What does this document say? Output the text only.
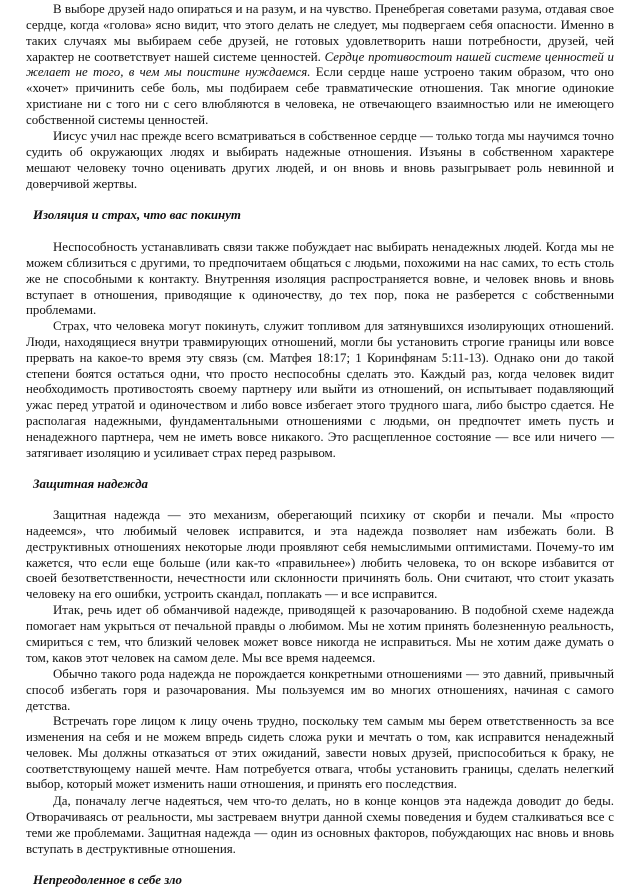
В выборе друзей надо опираться и на разум, и на чувство. Пренебрегая советами разума, отдавая свое сердце, когда «голова» ясно видит, что этого делать не следует, мы подвергаем себя опасности. Именно в таких случаях мы выбираем себе друзей, не готовых удовлетворить наши потребности, друзей, чей характер не соответствует нашей системе ценностей. Сердце противостоит нашей системе ценностей и желает не того, в чем мы поистине нуждаемся. Если сердце наше устроено таким образом, что оно «хочет» причинить себе боль, мы подбираем себе травматические отношения. Так многие одинокие христиане ни с того ни с сего влюбляются в человека, не отвечающего взаимностью или не имеющего собственной системы ценностей.

Иисус учил нас прежде всего всматриваться в собственное сердце — только тогда мы научимся точно судить об окружающих людях и выбирать надежные отношения. Изъяны в собственном характере мешают человеку точно оценивать других людей, и он вновь и вновь разыгрывает роль невинной и доверчивой жертвы.

Изоляция и страх, что вас покинут

Неспособность устанавливать связи также побуждает нас выбирать ненадежных людей. Когда мы не можем сблизиться с другими, то предпочитаем общаться с людьми, похожими на нас самих, то есть столь же не способными к контакту. Внутренняя изоляция распространяется вовне, и человек вновь и вновь вступает в отношения, приводящие к одиночеству, до тех пор, пока не разберется с собственными проблемами.

Страх, что человека могут покинуть, служит топливом для затянувшихся изолирующих отношений. Люди, находящиеся внутри травмирующих отношений, могли бы установить строгие границы или вовсе прервать на какое-то время эту связь (см. Матфея 18:17; 1 Коринфянам 5:11-13). Однако они до такой степени боятся остаться одни, что просто неспособны сделать это. Каждый раз, когда человек видит необходимость противостоять своему партнеру или выйти из отношений, он испытывает подавляющий ужас перед утратой и одиночеством и либо вовсе избегает этого трудного шага, либо быстро сдается. Не располагая надежными, фундаментальными отношениями с людьми, он предпочтет иметь пусть и ненадежного партнера, чем не иметь вовсе никакого. Это расщепленное состояние — все или ничего — затягивает изоляцию и усиливает страх перед разрывом.

Защитная надежда

Защитная надежда — это механизм, оберегающий психику от скорби и печали. Мы «просто надеемся», что любимый человек исправится, и эта надежда позволяет нам избежать боли. В деструктивных отношениях некоторые люди проявляют себя немыслимыми оптимистами. Почему-то им кажется, что если еще больше (или как-то «правильнее») любить человека, то он вскоре избавится от своей безответственности, нечестности или склонности причинять боль. Они считают, что стоит указать человеку на его ошибки, устроить скандал, поплакать — и все исправится.

Итак, речь идет об обманчивой надежде, приводящей к разочарованию. В подобной схеме надежда помогает нам укрыться от печальной правды о любимом. Мы не хотим принять болезненную реальность, смириться с тем, что близкий человек может вовсе никогда не исправиться. Мы не хотим даже думать о том, каков этот человек на самом деле. Мы все время надеемся.

Обычно такого рода надежда не порождается конкретными отношениями — это давний, привычный способ избегать горя и разочарования. Мы пользуемся им во многих отношениях, начиная с самого детства.

Встречать горе лицом к лицу очень трудно, поскольку тем самым мы берем ответственность за все изменения на себя и не можем впредь сидеть сложа руки и мечтать о том, как исправится ненадежный человек. Мы должны отказаться от этих ожиданий, завести новых друзей, приспособиться к браку, не соответствующему нашей мечте. Нам потребуется отвага, чтобы установить границы, сделать нелегкий выбор, который может изменить наши отношения, и принять его последствия.

Да, поначалу легче надеяться, чем что-то делать, но в конце концов эта надежда доводит до беды. Отворачиваясь от реальности, мы застреваем внутри данной схемы поведения и будем сталкиваться все с теми же проблемами. Защитная надежда — один из основных факторов, побуждающих нас вновь и вновь вступать в деструктивные отношения.

Непреодоленное в себе зло
